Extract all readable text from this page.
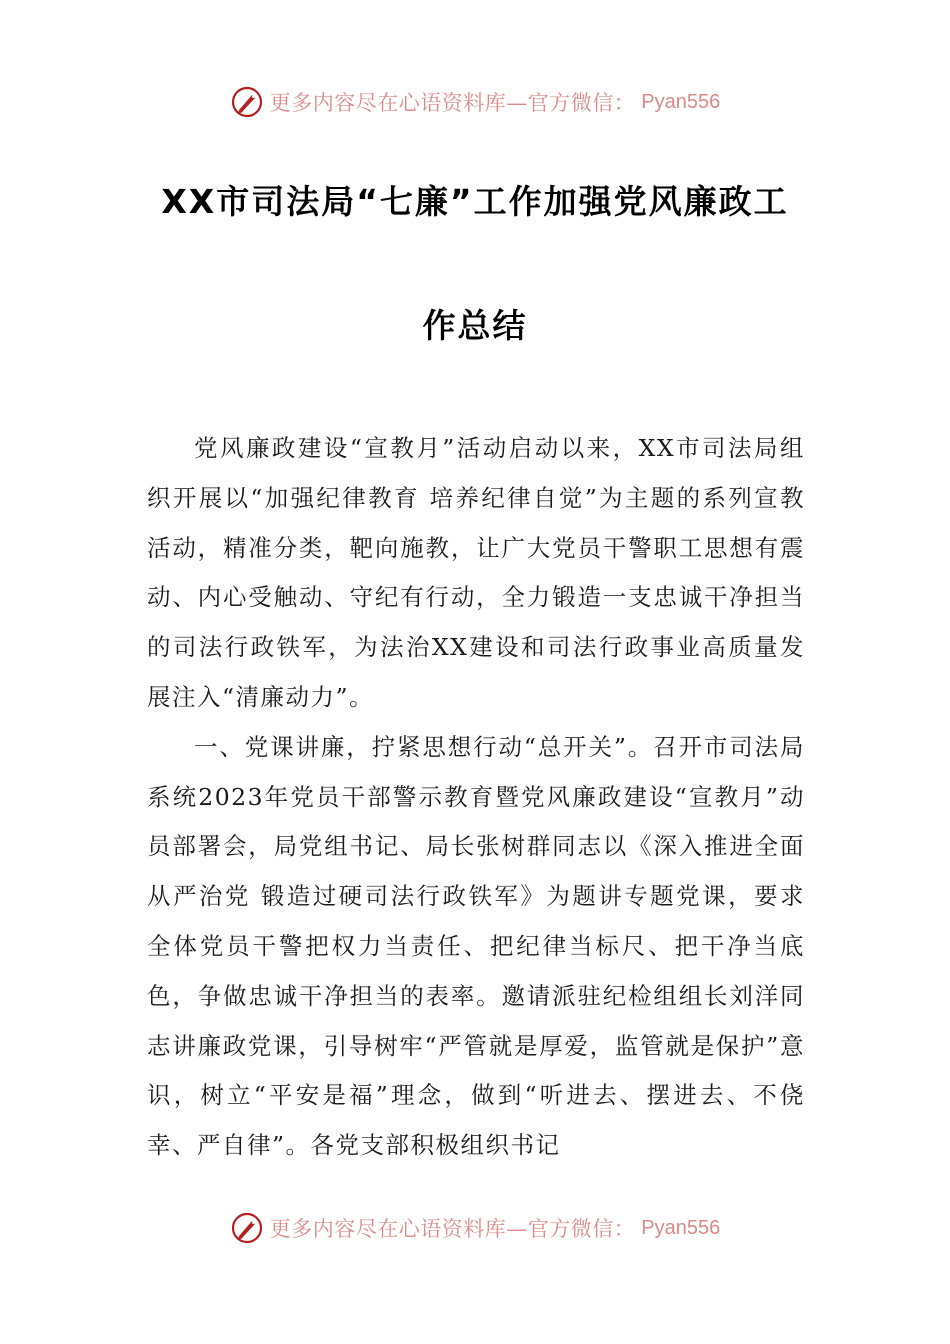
更多内容尽在心语资料库—官方微信： Pyan556
XX市司法局“七廉”工作加强党风廉政工
作总结

党风廉政建设“宣教月”活动启动以来，XX市司法局组织开展以“加强纪律教育 培养纪律自觉”为主题的系列宣教活动，精准分类，靶向施教，让广大党员干警职工思想有震动、内心受触动、守纪有行动，全力锻造一支忠诚干净担当的司法行政铁军，为法治XX建设和司法行政事业高质量发展注入“清廉动力”。

一、党课讲廉，拧紧思想行动“总开关”。召开市司法局系统2023年党员干部警示教育暨党风廉政建设“宣教月”动员部署会，局党组书记、局长张树群同志以《深入推进全面从严治党 锻造过硬司法行政铁军》为题讲专题党课，要求全体党员干警把权力当责任、把纪律当标尺、把干净当底色，争做忠诚干净担当的表率。邀请派驻纪检组组长刘洋同志讲廉政党课，引导树牢“严管就是厚爱，监管就是保护”意识，树立“平安是福”理念，做到“听进去、摆进去、不侥幸、严自律”。各党支部积极组织书记

更多内容尽在心语资料库—官方微信： Pyan556
